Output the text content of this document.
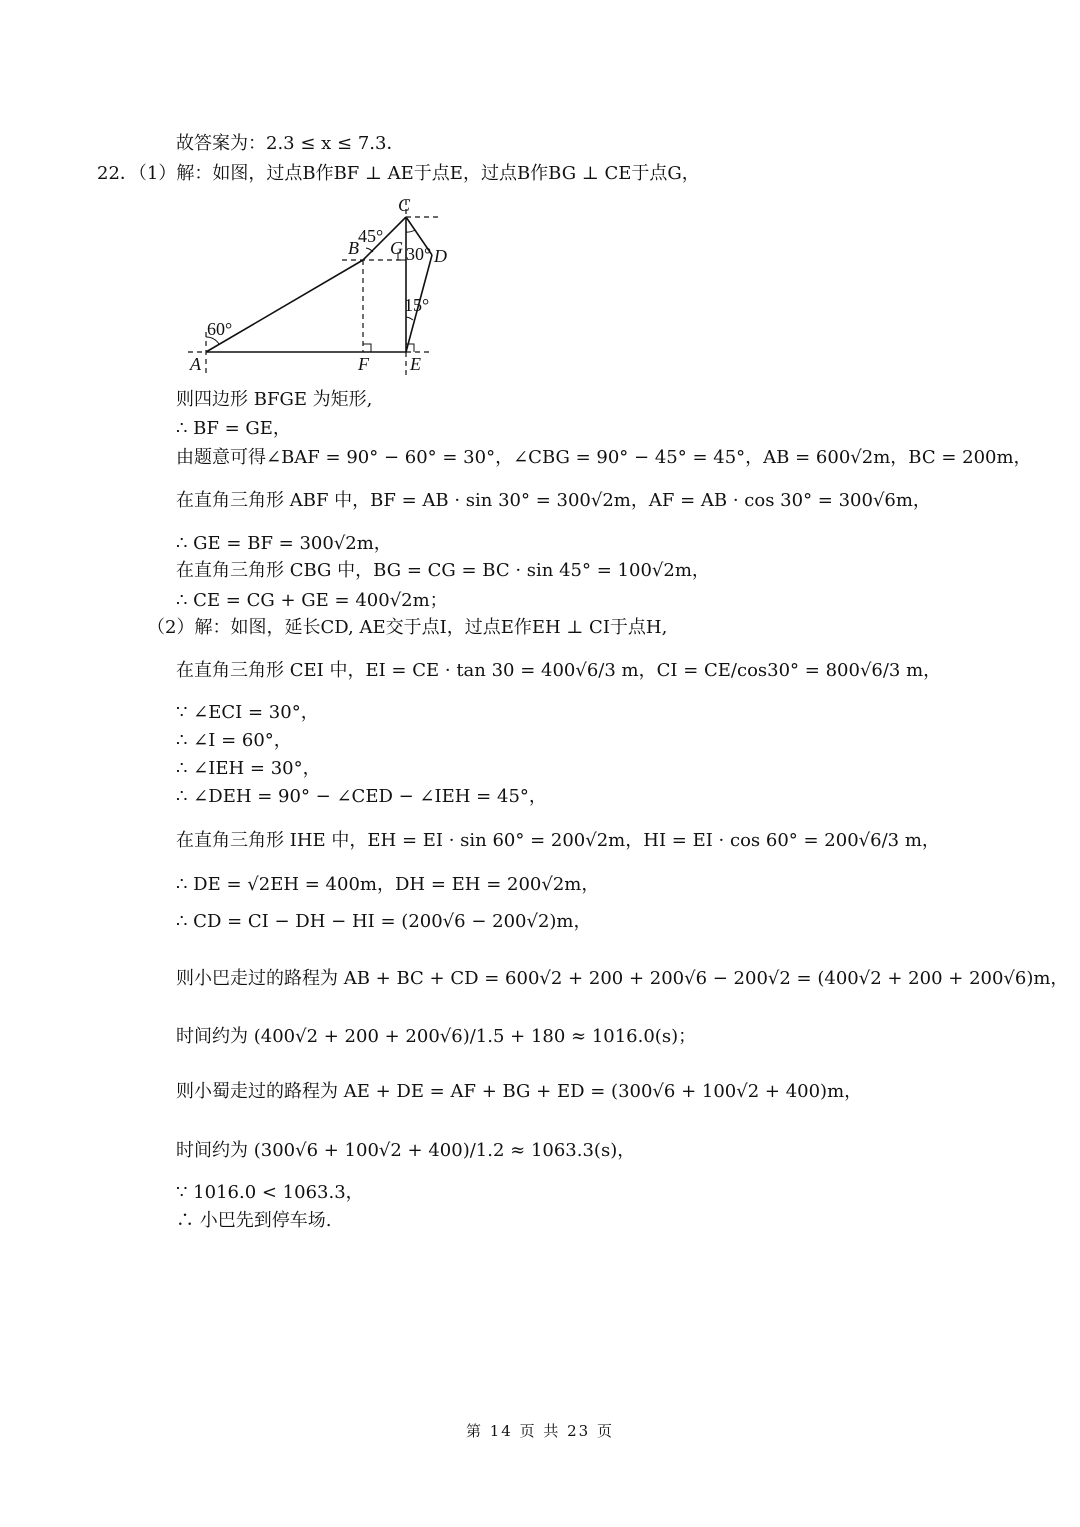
故答案为：2.3 ≤ x ≤ 7.3．
22．（1）解：如图，过点B作BF ⊥ AE于点E，过点B作BG ⊥ CE于点G，
A
B
C
D
E
F
G
60°
45°
30°
15°
则四边形 BFGE 为矩形,
∴ BF = GE，
由题意可得∠BAF = 90° − 60° = 30°，∠CBG = 90° − 45° = 45°，AB = 600√2m，BC = 200m，
在直角三角形 ABF 中，BF = AB · sin 30° = 300√2m，AF = AB · cos 30° = 300√6m，
∴ GE = BF = 300√2m，
在直角三角形 CBG 中，BG = CG = BC · sin 45° = 100√2m，
∴ CE = CG + GE = 400√2m；
（2）解：如图，延长CD, AE交于点I，过点E作EH ⊥ CI于点H,
在直角三角形 CEI 中，EI = CE · tan 30 = 400√6/3 m，CI = CE/cos30° = 800√6/3 m，
∵ ∠ECI = 30°，
∴ ∠I = 60°，
∴ ∠IEH = 30°，
∴ ∠DEH = 90° − ∠CED − ∠IEH = 45°，
在直角三角形 IHE 中，EH = EI · sin 60° = 200√2m，HI = EI · cos 60° = 200√6/3 m，
∴ DE = √2EH = 400m，DH = EH = 200√2m，
∴ CD = CI − DH − HI = (200√6 − 200√2)m，
则小巴走过的路程为 AB + BC + CD = 600√2 + 200 + 200√6 − 200√2 = (400√2 + 200 + 200√6)m，
时间约为 (400√2 + 200 + 200√6)/1.5 + 180 ≈ 1016.0(s)；
则小蜀走过的路程为 AE + DE = AF + BG + ED = (300√6 + 100√2 + 400)m，
时间约为 (300√6 + 100√2 + 400)/1.2 ≈ 1063.3(s)，
∵ 1016.0 < 1063.3，
∴ 小巴先到停车场.
第 14 页 共 23 页
